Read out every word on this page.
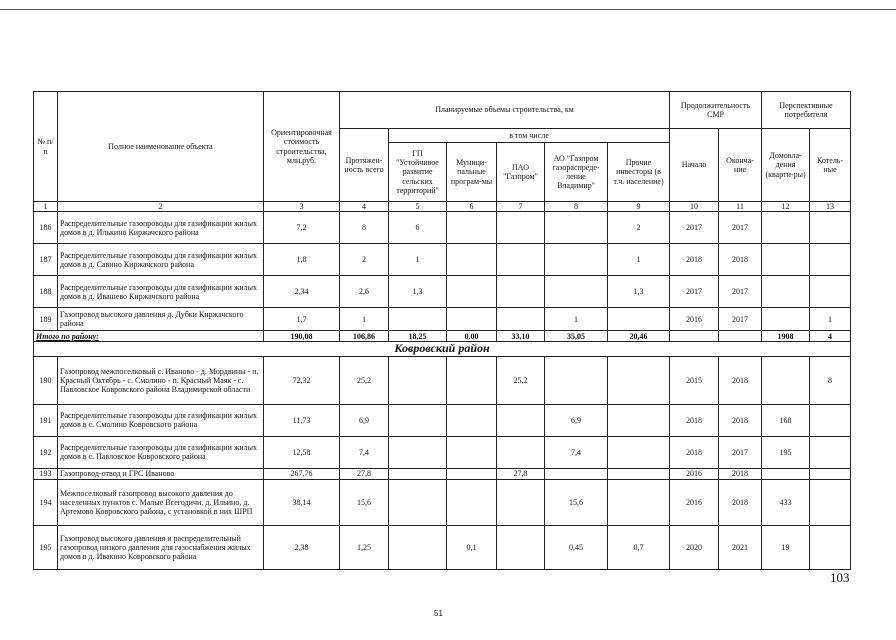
№ п/п	Полное наименование объекта	Ориентировочная стоимость строительства, млн.руб.	Планируемые объемы строительства, км						Продолжительность СМР		Перспективные потребители	
			Протяжен-ность всего	в том числе					Начало	Оконча-ние	Домовла-дения (кварти-ры)	Котель-ные
				ГП "Устойчивое развитие сельских территорий"	Муници-пальные програм-мы	ПАО "Газпром"	АО "Газпром газораспреде-ление Владимир"	Прочие инвесторы (в т.ч. население)				
1	2	3	4	5	6	7	8	9	10	11	12	13
186	Распределительные газопроводы для газификации жилых домов в д. Илькино Киржачского района	7,2	8	6				2	2017	2017		
187	Распределительные газопроводы для газификации жилых домов в д. Савино Киржачского района	1,8	2	1				1	2018	2018		
188	Распределительные газопроводы для газификации жилых домов в д. Ивашево Киржачского района	2,34	2,6	1,3				1,3	2017	2017		
189	Газопровод высокого давления д. Дубки Киржачского района	1,7	1				1		2016	2017		1
Итого по району:		190,08	106,86	18,25	0,00	33,10	35,05	20,46			1908	4
Ковровский район												
190	Газопровод межпоселковый с. Иваново - д. Мордвины - п. Красный Октябрь - с. Смолино - п. Красный Маяк - с. Павловское Ковровского района Владимирской области	72,32	25,2			25,2			2015	2018		8
191	Распределительные газопроводы для газификации жилых домов в с. Смолино Ковровского района	11,73	6,9				6,9		2018	2018	168	
192	Распределительные газопроводы для газификации жилых домов в с. Павловское Ковровского района	12,58	7,4				7,4		2018	2017	195	
193	Газопровод-отвод и ГРС Иваново	267,76	27,8			27,8			2016	2018		
194	Межпоселковый газопровод высокого давления до населенных пунктов с. Малые Всегодичи, д. Ильино, д. Артемово Ковровского района, с установкой в них ШРП	38,14	15,6				15,6		2016	2018	433	
195	Газопровод высокого давления и распределительный газопровод низкого давления для газоснабжения жилых домов в д. Ивакино Ковровского района	2,38	1,25		0,1		0,45	0,7	2020	2021	19	
103
51
